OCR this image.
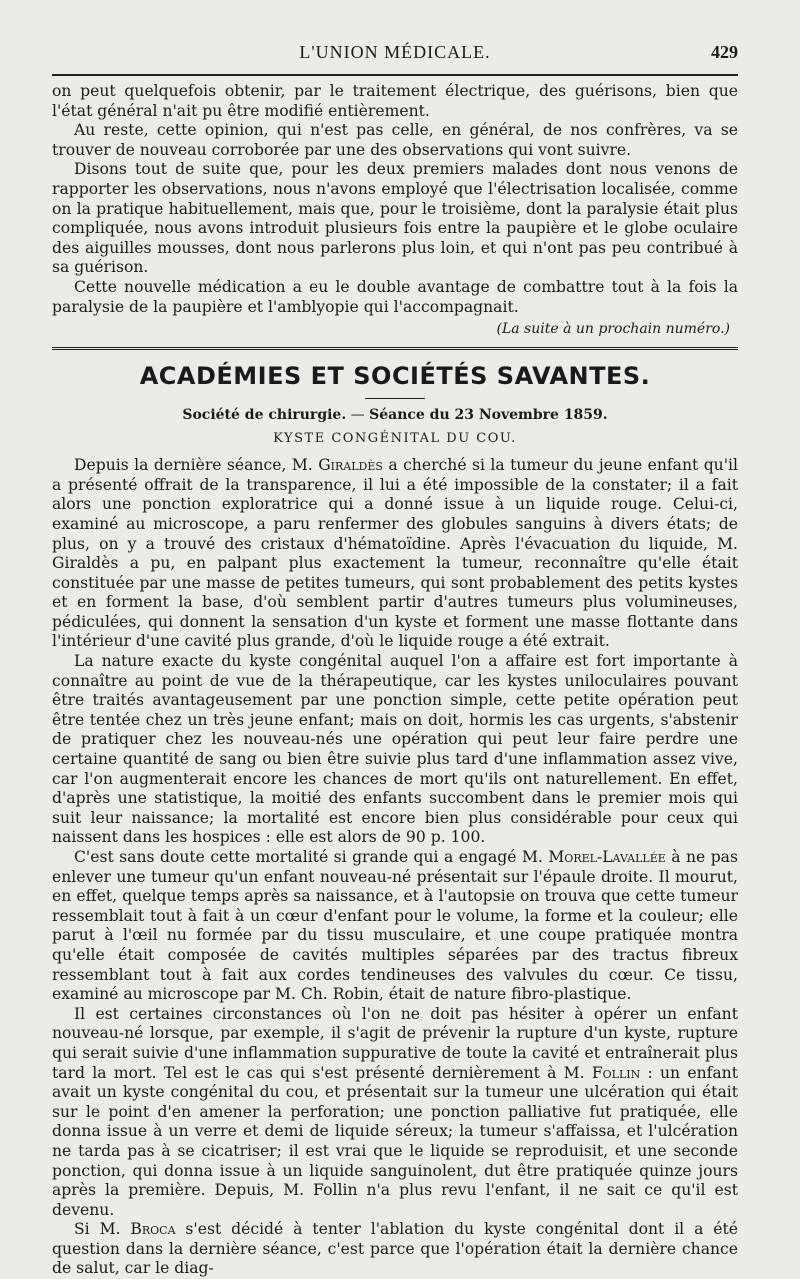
L'UNION MÉDICALE.	429

on peut quelquefois obtenir, par le traitement électrique, des guérisons, bien que l'état général n'ait pu être modifié entièrement.

Au reste, cette opinion, qui n'est pas celle, en général, de nos confrères, va se trouver de nouveau corroborée par une des observations qui vont suivre.

Disons tout de suite que, pour les deux premiers malades dont nous venons de rapporter les observations, nous n'avons employé que l'électrisation localisée, comme on la pratique habituellement, mais que, pour le troisième, dont la paralysie était plus compliquée, nous avons introduit plusieurs fois entre la paupière et le globe oculaire des aiguilles mousses, dont nous parlerons plus loin, et qui n'ont pas peu contribué à sa guérison.

Cette nouvelle médication a eu le double avantage de combattre tout à la fois la paralysie de la paupière et l'amblyopie qui l'accompagnait.

(La suite à un prochain numéro.)
ACADÉMIES ET SOCIÉTÉS SAVANTES.
Société de chirurgie. — Séance du 23 Novembre 1859.
KYSTE CONGÉNITAL DU COU.

Depuis la dernière séance, M. Giraldès a cherché si la tumeur du jeune enfant qu'il a présenté offrait de la transparence, il lui a été impossible de la constater; il a fait alors une ponction exploratrice qui a donné issue à un liquide rouge. Celui-ci, examiné au microscope, a paru renfermer des globules sanguins à divers états; de plus, on y a trouvé des cristaux d'hématoïdine. Après l'évacuation du liquide, M. Giraldès a pu, en palpant plus exactement la tumeur, reconnaître qu'elle était constituée par une masse de petites tumeurs, qui sont probablement des petits kystes et en forment la base, d'où semblent partir d'autres tumeurs plus volumineuses, pédiculées, qui donnent la sensation d'un kyste et forment une masse flottante dans l'intérieur d'une cavité plus grande, d'où le liquide rouge a été extrait.

La nature exacte du kyste congénital auquel l'on a affaire est fort importante à connaître au point de vue de la thérapeutique, car les kystes uniloculaires pouvant être traités avantageusement par une ponction simple, cette petite opération peut être tentée chez un très jeune enfant; mais on doit, hormis les cas urgents, s'abstenir de pratiquer chez les nouveau-nés une opération qui peut leur faire perdre une certaine quantité de sang ou bien être suivie plus tard d'une inflammation assez vive, car l'on augmenterait encore les chances de mort qu'ils ont naturellement. En effet, d'après une statistique, la moitié des enfants succombent dans le premier mois qui suit leur naissance; la mortalité est encore bien plus considérable pour ceux qui naissent dans les hospices : elle est alors de 90 p. 100.

C'est sans doute cette mortalité si grande qui a engagé M. Morel-Lavallée à ne pas enlever une tumeur qu'un enfant nouveau-né présentait sur l'épaule droite. Il mourut, en effet, quelque temps après sa naissance, et à l'autopsie on trouva que cette tumeur ressemblait tout à fait à un cœur d'enfant pour le volume, la forme et la couleur; elle parut à l'œil nu formée par du tissu musculaire, et une coupe pratiquée montra qu'elle était composée de cavités multiples séparées par des tractus fibreux ressemblant tout à fait aux cordes tendineuses des valvules du cœur. Ce tissu, examiné au microscope par M. Ch. Robin, était de nature fibro-plastique.

Il est certaines circonstances où l'on ne doit pas hésiter à opérer un enfant nouveau-né lorsque, par exemple, il s'agit de prévenir la rupture d'un kyste, rupture qui serait suivie d'une inflammation suppurative de toute la cavité et entraînerait plus tard la mort. Tel est le cas qui s'est présenté dernièrement à M. Follin : un enfant avait un kyste congénital du cou, et présentait sur la tumeur une ulcération qui était sur le point d'en amener la perforation; une ponction palliative fut pratiquée, elle donna issue à un verre et demi de liquide séreux; la tumeur s'affaissa, et l'ulcération ne tarda pas à se cicatriser; il est vrai que le liquide se reproduisit, et une seconde ponction, qui donna issue à un liquide sanguinolent, dut être pratiquée quinze jours après la première. Depuis, M. Follin n'a plus revu l'enfant, il ne sait ce qu'il est devenu.

Si M. Broca s'est décidé à tenter l'ablation du kyste congénital dont il a été question dans la dernière séance, c'est parce que l'opération était la dernière chance de salut, car le diag-
